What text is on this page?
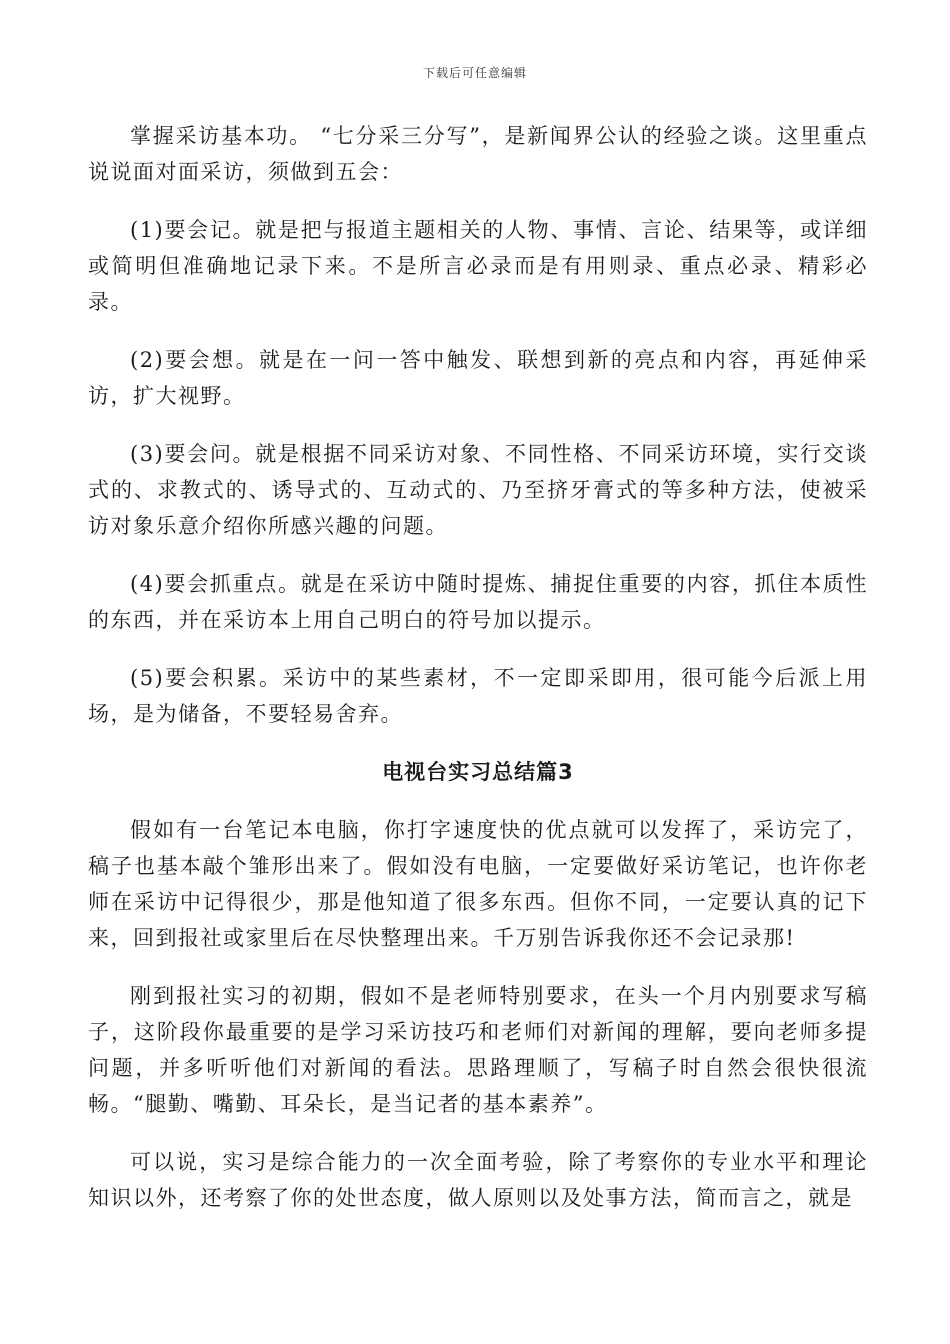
下载后可任意编辑

掌握采访基本功。 “七分采三分写”，是新闻界公认的经验之谈。这里重点说说面对面采访，须做到五会：

(1)要会记。就是把与报道主题相关的人物、事情、言论、结果等，或详细或简明但准确地记录下来。不是所言必录而是有用则录、重点必录、精彩必录。

(2)要会想。就是在一问一答中触发、联想到新的亮点和内容，再延伸采访，扩大视野。

(3)要会问。就是根据不同采访对象、不同性格、不同采访环境，实行交谈式的、求教式的、诱导式的、互动式的、乃至挤牙膏式的等多种方法，使被采访对象乐意介绍你所感兴趣的问题。

(4)要会抓重点。就是在采访中随时提炼、捕捉住重要的内容，抓住本质性的东西，并在采访本上用自己明白的符号加以提示。

(5)要会积累。采访中的某些素材，不一定即采即用，很可能今后派上用场，是为储备，不要轻易舍弃。

电视台实习总结篇3

假如有一台笔记本电脑，你打字速度快的优点就可以发挥了，采访完了，稿子也基本敲个雏形出来了。假如没有电脑，一定要做好采访笔记，也许你老师在采访中记得很少，那是他知道了很多东西。但你不同，一定要认真的记下来，回到报社或家里后在尽快整理出来。千万别告诉我你还不会记录那!

刚到报社实习的初期，假如不是老师特别要求，在头一个月内别要求写稿子，这阶段你最重要的是学习采访技巧和老师们对新闻的理解，要向老师多提问题，并多听听他们对新闻的看法。思路理顺了，写稿子时自然会很快很流畅。“腿勤、嘴勤、耳朵长，是当记者的基本素养”。

可以说，实习是综合能力的一次全面考验，除了考察你的专业水平和理论知识以外，还考察了你的处世态度，做人原则以及处事方法，简而言之，就是
